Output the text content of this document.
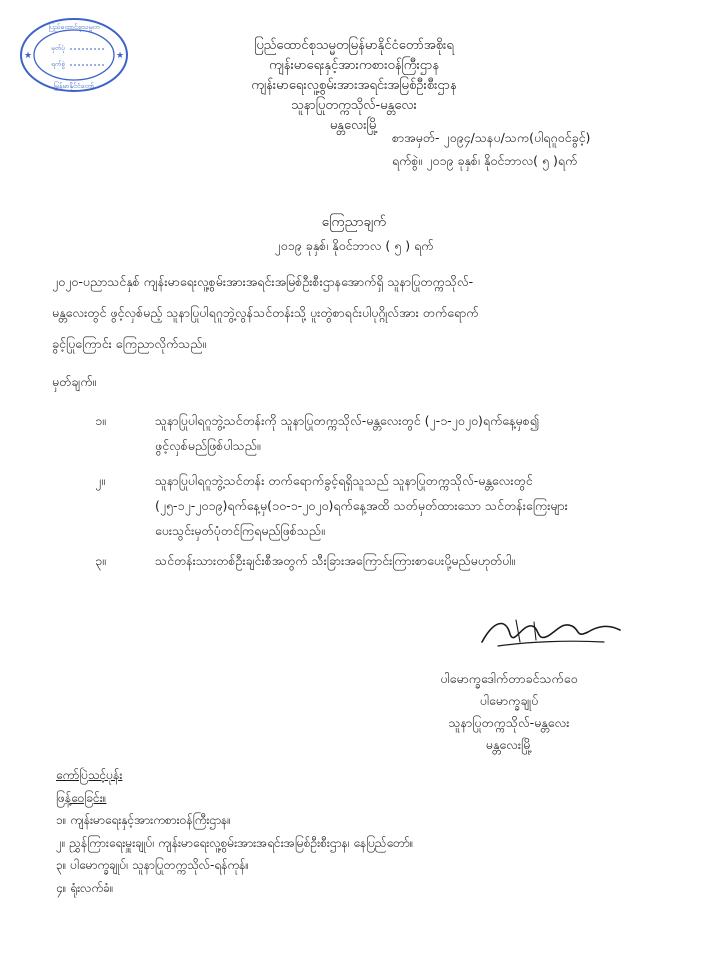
ပြည်ထောင်စုသမ္မတ
မြန်မာနိုင်ငံတော်
မှတ်ပုံ
ရက်စွဲ
★	★
ပြည်ထောင်စုသမ္မတမြန်မာနိုင်ငံတော်အစိုးရ
ကျန်းမာရေးနှင့်အားကစားဝန်ကြီးဌာန
ကျန်းမာရေးလူ့စွမ်းအားအရင်းအမြစ်ဦးစီးဌာန
သူနာပြုတက္ကသိုလ်-မန္တလေး
မန္တလေးမြို့
စာအမှတ်- ၂၀၉၄/သနပ/သက(ပါရဂူဝင်ခွင့်)
ရက်စွဲ။ ၂၀၁၉ ခုနှစ်၊ နိုဝင်ဘာလ( ၅ )ရက်
ကြေညာချက်
၂၀၁၉ ခုနှစ်၊ နိုဝင်ဘာလ ( ၅ ) ရက်
၂၀၂၀-ပညာသင်နှစ် ကျန်းမာရေးလူ့စွမ်းအားအရင်းအမြစ်ဦးစီးဌာနအောက်ရှိ သူနာပြုတက္ကသိုလ်-
မန္တလေးတွင် ဖွင့်လှစ်မည့် သူနာပြုပါရဂူဘွဲ့လွန်သင်တန်းသို့ ပူးတွဲစာရင်းပါပုဂ္ဂိုလ်အား တက်ရောက်
ခွင့်ပြုကြောင်း ကြေညာလိုက်သည်။
မှတ်ချက်။
၁။	သူနာပြုပါရဂူဘွဲ့သင်တန်းကို သူနာပြုတက္ကသိုလ်-မန္တလေးတွင် (၂-၁-၂၀၂၀)ရက်နေ့မှစ၍
ဖွင့်လှစ်မည်ဖြစ်ပါသည်။
၂။	သူနာပြုပါရဂူဘွဲ့သင်တန်း တက်ရောက်ခွင့်ရရှိသူသည် သူနာပြုတက္ကသိုလ်-မန္တလေးတွင်
(၂၅-၁၂-၂၀၁၉)ရက်နေ့မှ(၁၀-၁-၂၀၂၀)ရက်နေ့အထိ သတ်မှတ်ထားသော သင်တန်းကြေးများ
ပေးသွင်းမှတ်ပုံတင်ကြရမည်ဖြစ်သည်။
၃။	သင်တန်းသားတစ်ဦးချင်းစီအတွက် သီးခြားအကြောင်းကြားစာပေးပို့မည်မဟုတ်ပါ။
ပါမောက္ခဒေါက်တာခင်သက်ဝေ
ပါမောက္ခချုပ်
သူနာပြုတက္ကသိုလ်-မန္တလေး
မန္တလေးမြို့
ကော်ပြဲသင့်ပုန်း
ဖြန့်ဝေခြင်း။
၁။ ကျန်းမာရေးနှင့်အားကစားဝန်ကြီးဌာန။
၂။ ညွှန်ကြားရေးမှူးချုပ်၊ ကျန်းမာရေးလူ့စွမ်းအားအရင်းအမြစ်ဦးစီးဌာန၊ နေပြည်တော်။
၃။ ပါမောက္ခချုပ်၊ သူနာပြုတက္ကသိုလ်-ရန်ကုန်။
၄။ ရုံးလက်ခံ။
